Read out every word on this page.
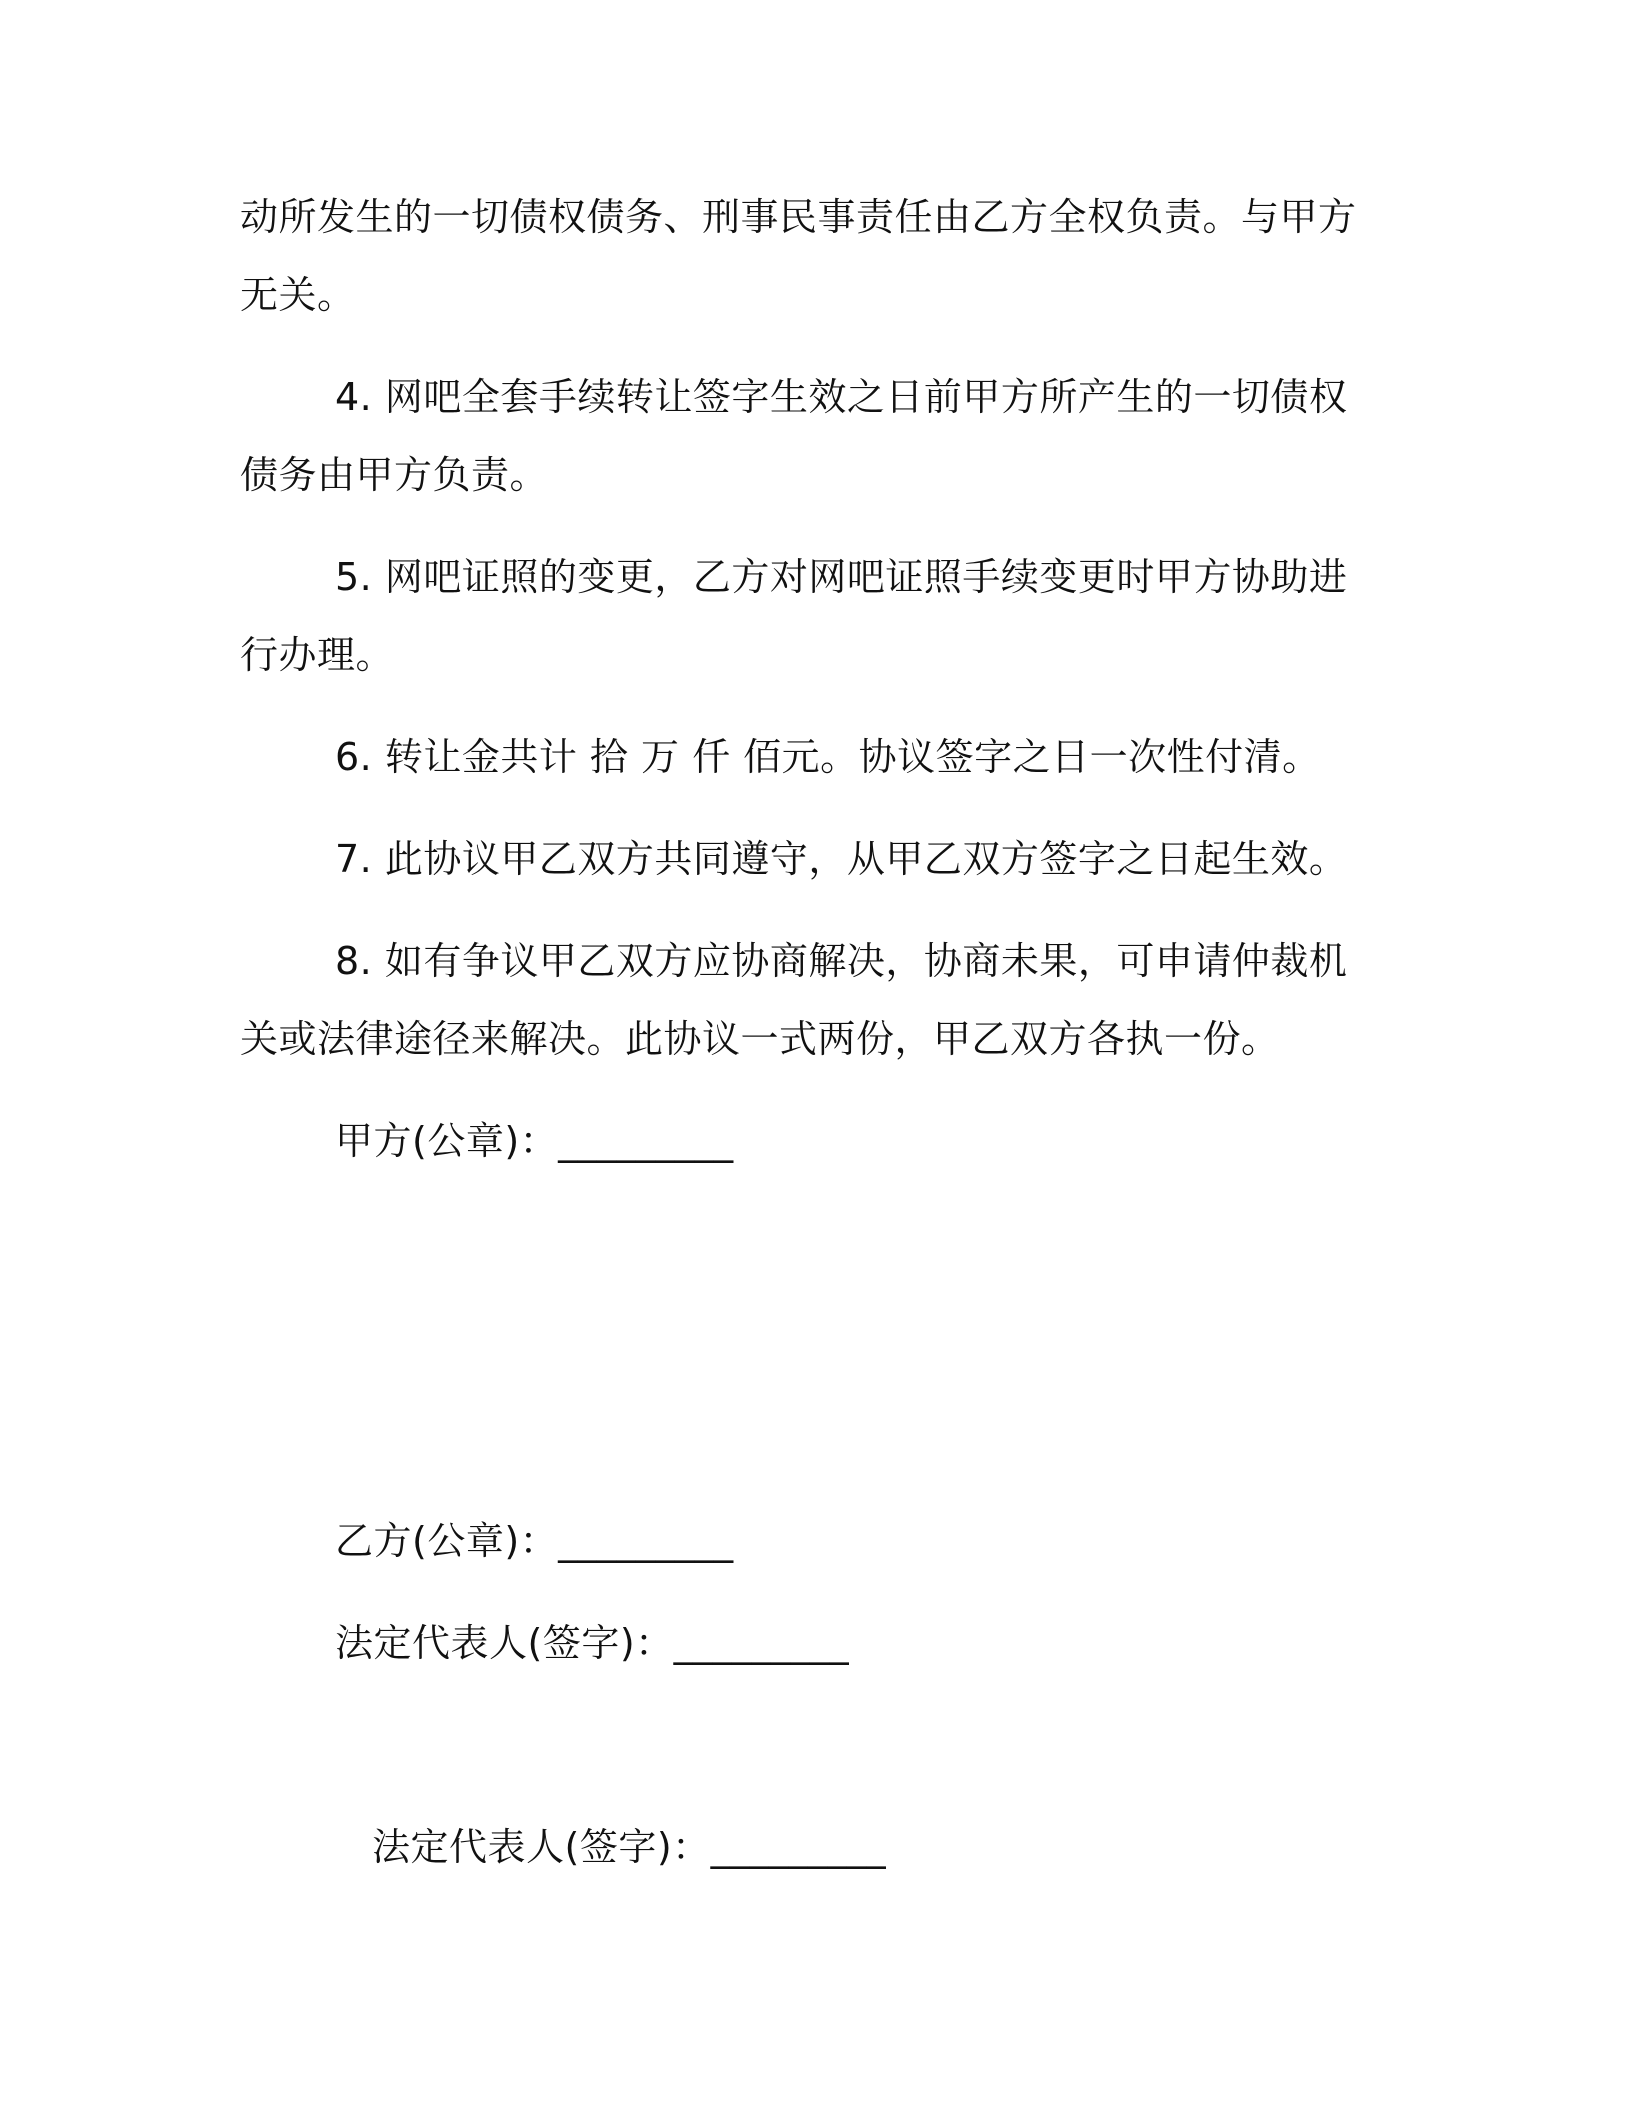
动所发生的一切债权债务、刑事民事责任由乙方全权负责。与甲方无关。
4. 网吧全套手续转让签字生效之日前甲方所产生的一切债权债务由甲方负责。
5. 网吧证照的变更，乙方对网吧证照手续变更时甲方协助进行办理。
6. 转让金共计 拾 万 仟 佰元。协议签字之日一次性付清。
7. 此协议甲乙双方共同遵守，从甲乙双方签字之日起生效。
8. 如有争议甲乙双方应协商解决，协商未果，可申请仲裁机关或法律途径来解决。此协议一式两份，甲乙双方各执一份。
甲方(公章)：_________
乙方(公章)：_________
法定代表人(签字)：_________
法定代表人(签字)：_________
